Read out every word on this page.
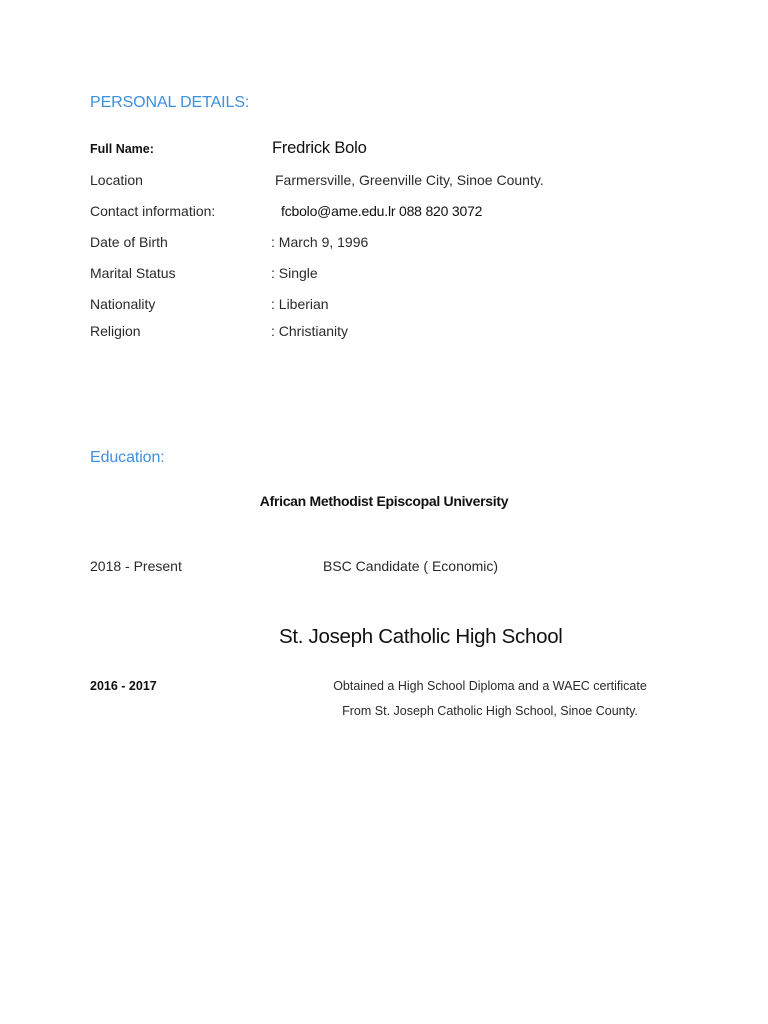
PERSONAL DETAILS:
Full Name:	Fredrick Bolo
Location	Farmersville, Greenville City, Sinoe County.
Contact information:	fcbolo@ame.edu.lr 088 820 3072
Date of Birth	: March 9, 1996
Marital Status	: Single
Nationality	: Liberian
Religion	: Christianity
Education:
African Methodist Episcopal University
2018 - Present	BSC Candidate ( Economic)
St. Joseph Catholic High School
2016 - 2017	Obtained a High School Diploma and a WAEC certificate
From St. Joseph Catholic High School, Sinoe County.
